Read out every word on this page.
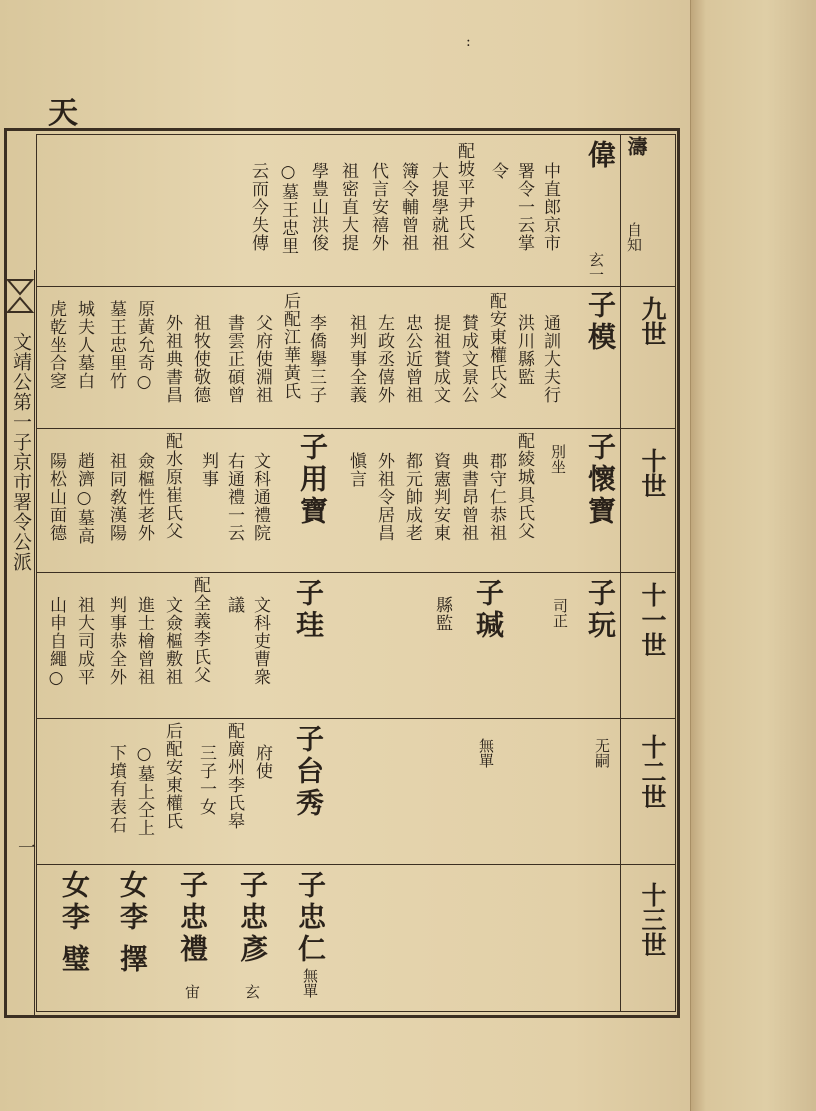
天
:
文靖公第一子京市署令公派
一
九世
十世
十一世
十二世
十三世
濤
自知
偉
玄一
中直郎京市
署令一云掌
令
配坡平尹氏父
大提學就祖
簿令輔曾祖
代言安禧外
祖密直大提
學豊山洪俊
○墓王忠里
云而今失傳
子模
通訓大夫行
洪川縣監
配安東權氏父
賛成文景公
提祖賛成文
忠公近曾祖
左政丞僖外
祖判事全義
李僑擧三子
后配江華黃氏
父府使淵祖
書雲正碩曾
祖牧使敬德
外祖典書昌
原黃允奇○
墓王忠里竹
城夫人墓白
虎乾坐合窆
子懷寶
別坐
配綾城具氏父
郡守仁恭祖
典書昂曾祖
資憲判安東
都元帥成老
外祖令居昌
愼言
子用寶
文科通禮院
右通禮一云
判事
配水原崔氏父
僉樞性老外
祖同敎漢陽
趙濟○墓高
陽松山面德
子玩
司正
子瑊
縣監
子珪
文科吏曹衆
議
配全義李氏父
文僉樞敷祖
進士檜曾祖
判事恭全外
祖大司成平
山申自繩○
无嗣
無單
子台秀
府使
配廣州李氏皋
三子一女
后配安東權氏
○墓上仝上
下墳有表石
子忠仁
無單
子忠彥
玄
子忠禮
宙
女李
擇
女李
璧
